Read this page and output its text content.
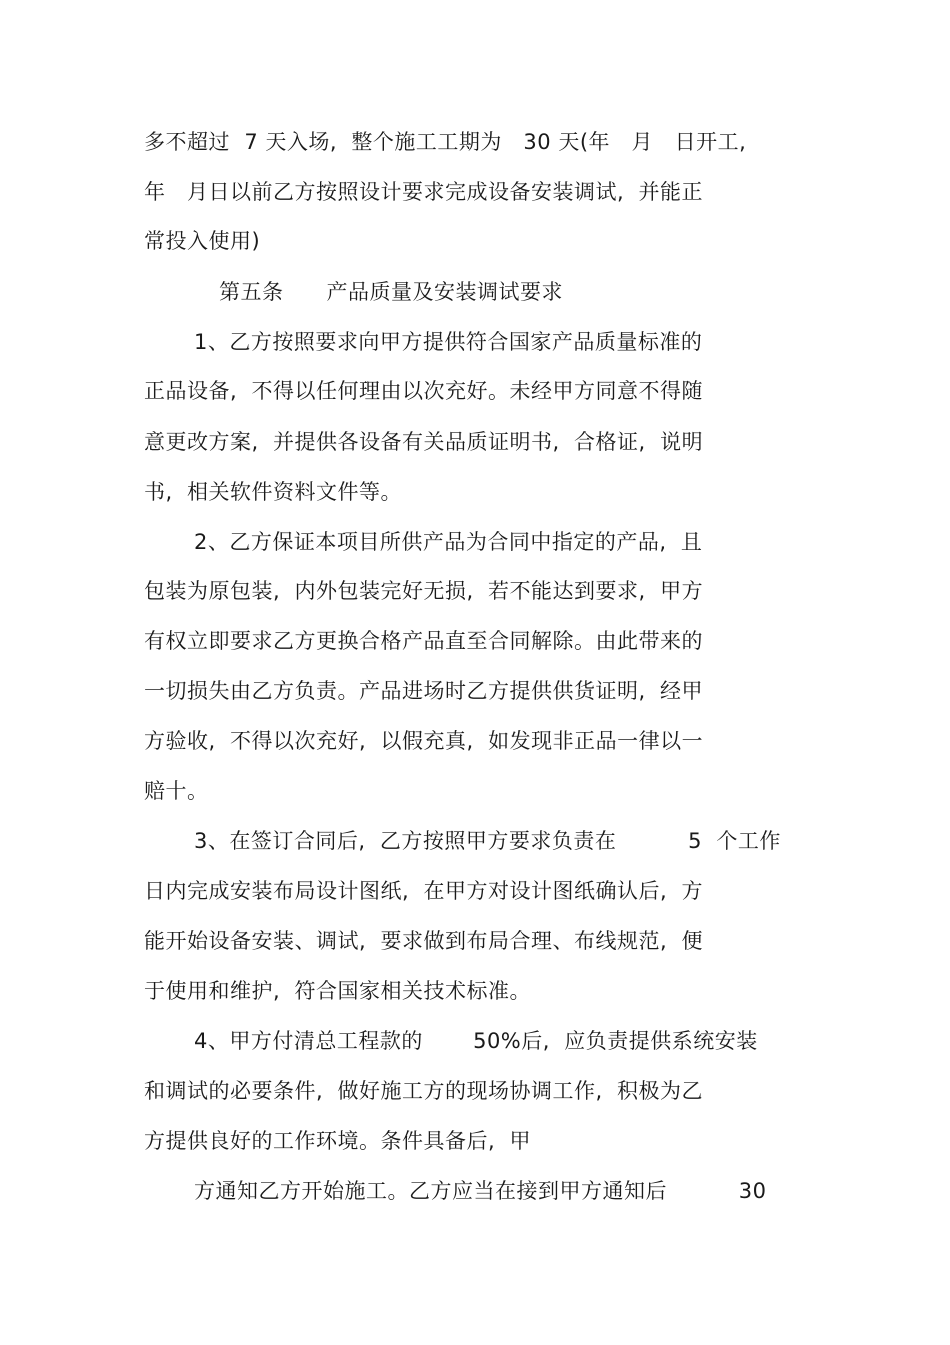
多不超过  7 天入场,  整个施工工期为   30 天(年   月   日开工,
年   月日以前乙方按照设计要求完成设备安装调试,  并能正
常投入使用)
第五条      产品质量及安装调试要求
1、乙方按照要求向甲方提供符合国家产品质量标准的
正品设备,  不得以任何理由以次充好。未经甲方同意不得随
意更改方案,  并提供各设备有关品质证明书,  合格证,  说明
书,  相关软件资料文件等。
2、乙方保证本项目所供产品为合同中指定的产品,  且
包装为原包装,  内外包装完好无损,  若不能达到要求,  甲方
有权立即要求乙方更换合格产品直至合同解除。由此带来的
一切损失由乙方负责。产品进场时乙方提供供货证明,  经甲
方验收,  不得以次充好,  以假充真,  如发现非正品一律以一
赔十。
3、在签订合同后,  乙方按照甲方要求负责在          5  个工作
日内完成安装布局设计图纸,  在甲方对设计图纸确认后,  方
能开始设备安装、调试,  要求做到布局合理、布线规范,  便
于使用和维护,  符合国家相关技术标准。
4、甲方付清总工程款的       50%后,  应负责提供系统安装
和调试的必要条件,  做好施工方的现场协调工作,  积极为乙
方提供良好的工作环境。条件具备后,  甲
方通知乙方开始施工。乙方应当在接到甲方通知后          30
